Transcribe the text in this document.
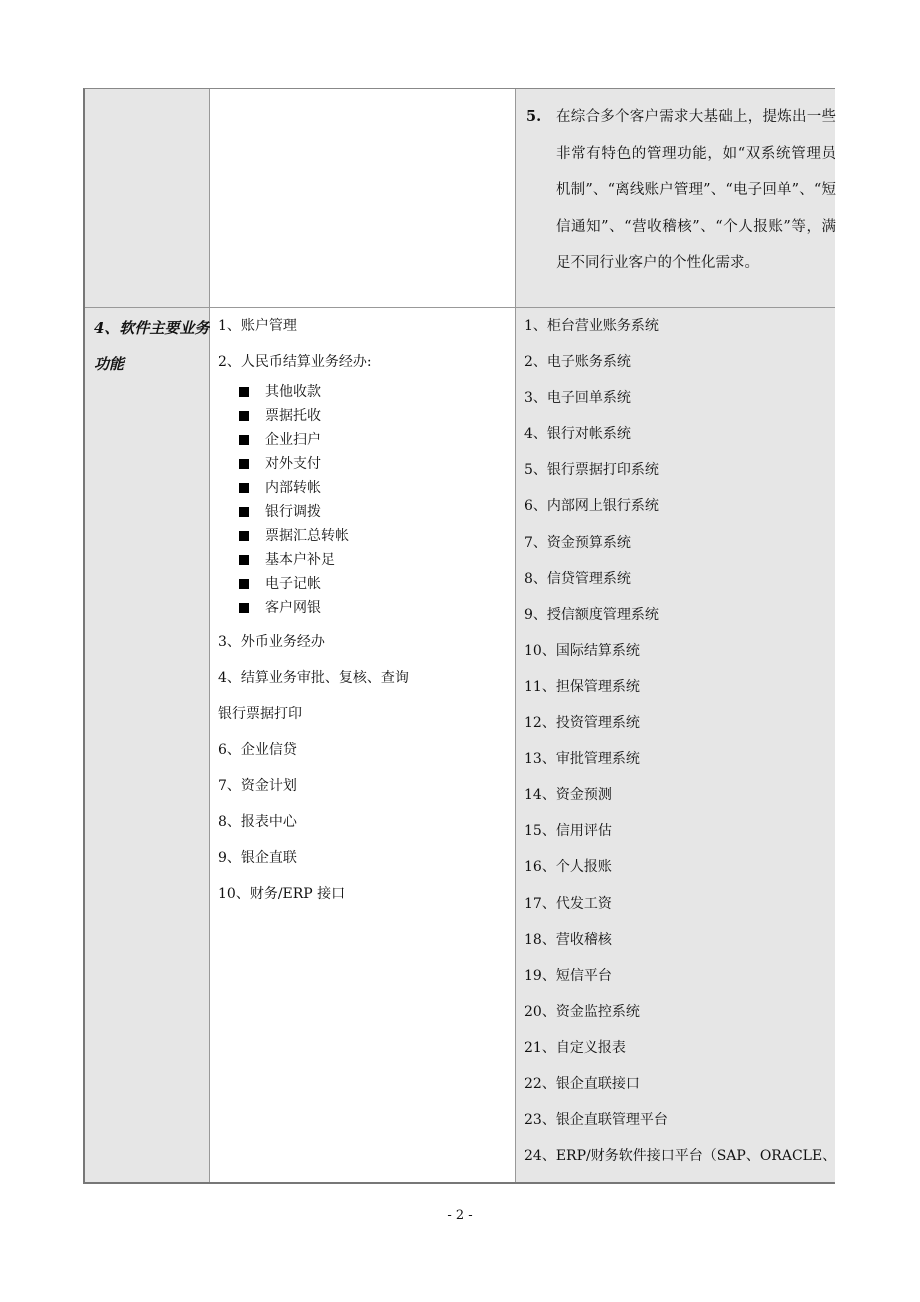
5. 在综合多个客户需求大基础上，提炼出一些非常有特色的管理功能，如“双系统管理员机制”、“离线账户管理”、“电子回单”、“短信通知”、“营收稽核”、“个人报账”等，满足不同行业客户的个性化需求。
4、软件主要业务功能
1、账户管理
2、人民币结算业务经办:
其他收款
票据托收
企业扫户
对外支付
内部转帐
银行调拨
票据汇总转帐
基本户补足
电子记帐
客户网银
3、外币业务经办
4、结算业务审批、复核、查询
银行票据打印
6、企业信贷
7、资金计划
8、报表中心
9、银企直联
10、财务/ERP 接口
1、柜台营业账务系统
2、电子账务系统
3、电子回单系统
4、银行对帐系统
5、银行票据打印系统
6、内部网上银行系统
7、资金预算系统
8、信贷管理系统
9、授信额度管理系统
10、国际结算系统
11、担保管理系统
12、投资管理系统
13、审批管理系统
14、资金预测
15、信用评估
16、个人报账
17、代发工资
18、营收稽核
19、短信平台
20、资金监控系统
21、自定义报表
22、银企直联接口
23、银企直联管理平台
24、ERP/财务软件接口平台（SAP、ORACLE、
- 2 -
